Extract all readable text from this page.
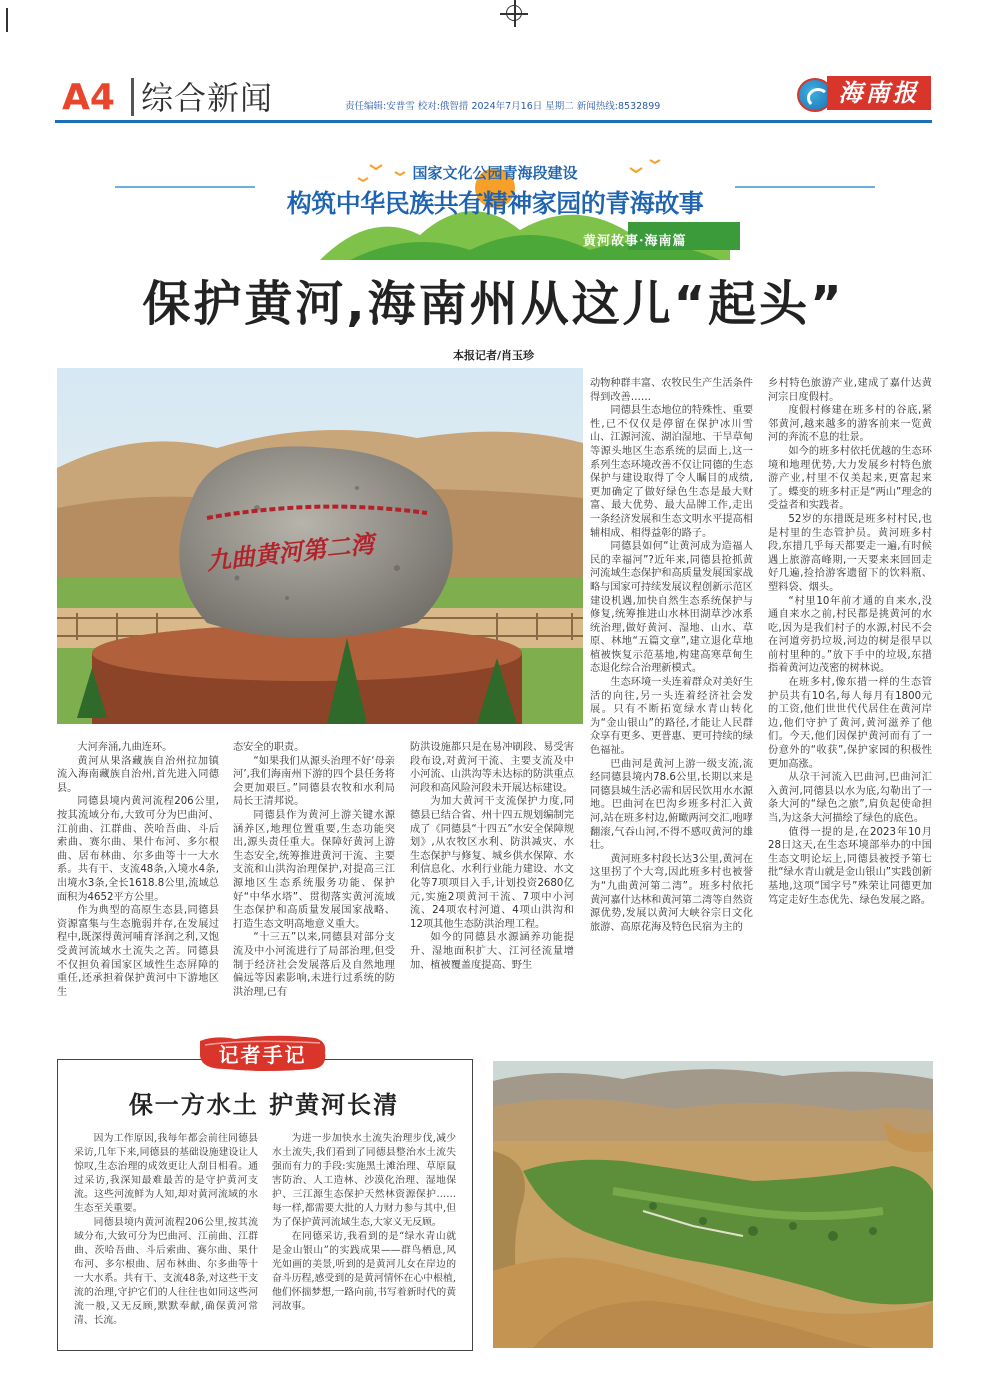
A4 综合新闻	责任编辑:安普雪 校对:俄智措 2024年7月16日 星期二 新闻热线:8532899	海南报
国家文化公园青海段建设
构筑中华民族共有精神家园的青海故事
黄河故事·海南篇
保护黄河,海南州从这儿“起头”
本报记者/肖玉珍
九曲黄河第二湾

大河奔涌,九曲连环。

黄河从果洛藏族自治州拉加镇流入海南藏族自治州,首先进入同德县。

同德县境内黄河流程206公里,按其流域分布,大致可分为巴曲河、江前曲、江群曲、茨哈吾曲、斗后索曲、赛尔曲、果什布河、多尔根曲、居布林曲、尔多曲等十一大水系。共有干、支流48条,入境水4条,出境水3条,全长1618.8公里,流域总面积为4652平方公里。

作为典型的高原生态县,同德县资源富集与生态脆弱并存,在发展过程中,既深得黄河哺育泽润之利,又饱受黄河流域水土流失之苦。同德县不仅担负着国家区域性生态屏障的重任,还承担着保护黄河中下游地区生

态安全的职责。

“如果我们从源头治理不好‘母亲河’,我们海南州下游的四个县任务将会更加艰巨。”同德县农牧和水利局局长王清邦说。

同德县作为黄河上游关键水源涵养区,地理位置重要,生态功能突出,源头责任重大。保障好黄河上游生态安全,统筹推进黄河干流、主要支流和山洪沟治理保护,对提高三江源地区生态系统服务功能、保护好“中华水塔”、贯彻落实黄河流域生态保护和高质量发展国家战略、打造生态文明高地意义重大。

“十三五”以来,同德县对部分支流及中小河流进行了局部治理,但受制于经济社会发展落后及自然地理偏远等因素影响,未进行过系统的防洪治理,已有

防洪设施都只是在易冲刷段、易受害段布设,对黄河干流、主要支流及中小河流、山洪沟等未达标的防洪重点河段和高风险河段未开展达标建设。

为加大黄河干支流保护力度,同德县已结合省、州十四五规划编制完成了《同德县“十四五”水安全保障规划》,从农牧区水利、防洪减灾、水生态保护与修复、城乡供水保障、水利信息化、水利行业能力建设、水文化等7项项目入手,计划投资2680亿元,实施2项黄河干流、7项中小河流、24项农村河道、4项山洪沟和12项其他生态防洪治理工程。

如今的同德县水源涵养功能提升、湿地面积扩大、江河径流量增加、植被覆盖度提高、野生

动物种群丰富、农牧民生产生活条件得到改善……

同德县生态地位的特殊性、重要性,已不仅仅是停留在保护冰川雪山、江源河流、湖泊湿地、干旱草甸等源头地区生态系统的层面上,这一系列生态环境改善不仅让同德的生态保护与建设取得了令人瞩目的成绩,更加确定了做好绿色生态是最大财富、最大优势、最大品牌工作,走出一条经济发展和生态文明水平提高相辅相成、相得益彰的路子。

同德县如何“让黄河成为造福人民的幸福河”?近年来,同德县抢抓黄河流域生态保护和高质量发展国家战略与国家可持续发展议程创新示范区建设机遇,加快自然生态系统保护与修复,统筹推进山水林田湖草沙冰系统治理,做好黄河、湿地、山水、草原、林地“五篇文章”,建立退化草地植被恢复示范基地,构建高寒草甸生态退化综合治理新模式。

生态环境一头连着群众对美好生活的向往,另一头连着经济社会发展。只有不断拓宽绿水青山转化为“金山银山”的路径,才能让人民群众享有更多、更普惠、更可持续的绿色福祉。

巴曲河是黄河上游一级支流,流经同德县境内78.6公里,长期以来是同德县城生活必需和居民饮用水水源地。巴曲河在巴沟乡班多村汇入黄河,站在班多村边,俯瞰两河交汇,咆哮翻滚,气吞山河,不得不感叹黄河的雄壮。

黄河班多村段长达3公里,黄河在这里拐了个大弯,因此班多村也被誉为“九曲黄河第二湾”。班多村依托黄河嘉什达林和黄河第二湾等自然资源优势,发展以黄河大峡谷宗日文化旅游、高原花海及特色民宿为主的

乡村特色旅游产业,建成了嘉什达黄河宗日度假村。

度假村修建在班多村的谷底,紧邻黄河,越来越多的游客前来一览黄河的奔流不息的壮景。

如今的班多村依托优越的生态环境和地理优势,大力发展乡村特色旅游产业,村里不仅美起来,更富起来了。蝶变的班多村正是“两山”理念的受益者和实践者。

52岁的东措既是班多村村民,也是村里的生态管护员。黄河班多村段,东措几乎每天都要走一遍,有时候遇上旅游高峰期,一天要来来回回走好几遍,捡拾游客遗留下的饮料瓶、塑料袋、烟头。

“村里10年前才通的自来水,没通自来水之前,村民都是挑黄河的水吃,因为是我们村子的水源,村民不会在河道旁扔垃圾,河边的树是很早以前村里种的。”放下手中的垃圾,东措指着黄河边茂密的树林说。

在班多村,像东措一样的生态管护员共有10名,每人每月有1800元的工资,他们世世代代居住在黄河岸边,他们守护了黄河,黄河滋养了他们。今天,他们因保护黄河而有了一份意外的“收获”,保护家园的积极性更加高涨。

从尕干河流入巴曲河,巴曲河汇入黄河,同德县以水为底,勾勒出了一条大河的“绿色之旅”,肩负起使命担当,为这条大河描绘了绿色的底色。

值得一提的是,在2023年10月28日这天,在生态环境部举办的中国生态文明论坛上,同德县被授予第七批“绿水青山就是金山银山”实践创新基地,这项“国字号”殊荣让同德更加笃定走好生态优先、绿色发展之路。

记者手记
保一方水土 护黄河长清

因为工作原因,我每年都会前往同德县采访,几年下来,同德县的基础设施建设让人惊叹,生态治理的成效更让人刮目相看。通过采访,我深知最难最苦的是守护黄河支流。这些河流鲜为人知,却对黄河流域的水生态至关重要。

同德县境内黄河流程206公里,按其流域分布,大致可分为巴曲河、江前曲、江群曲、茨哈吾曲、斗后索曲、赛尔曲、果什布河、多尔根曲、居布林曲、尔多曲等十一大水系。共有干、支流48条,对这些干支流的治理,守护它们的人往往也如同这些河流一般,又无反顾,默默奉献,确保黄河常清、长流。

为进一步加快水土流失治理步伐,减少水土流失,我们看到了同德县整治水土流失强而有力的手段:实施黑土滩治理、草原鼠害防治、人工造林、沙漠化治理、湿地保护、三江源生态保护天然林资源保护……每一样,都需要大批的人力财力参与其中,但为了保护黄河流域生态,大家义无反顾。

在同德采访,我看到的是“绿水青山就是金山银山”的实践成果——群鸟栖息,风光如画的美景,听到的是黄河儿女在岸边的奋斗历程,感受到的是黄河情怀在心中根植,他们怀揣梦想,一路向前,书写着新时代的黄河故事。
